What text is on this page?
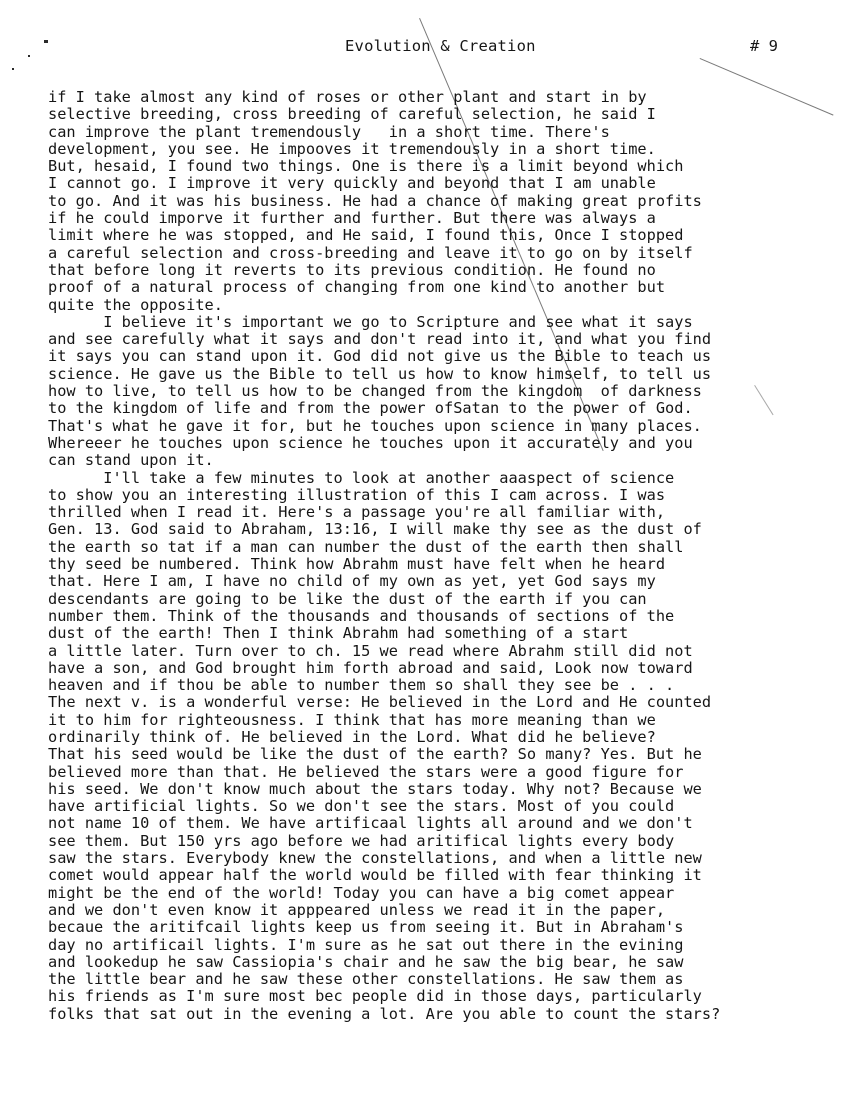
Evolution & Creation	# 9
if I take almost any kind of roses or other plant and start in by
selective breeding, cross breeding of careful selection, he said I
can improve the plant tremendously   in a short time. There's
development, you see. He impooves it tremendously in a short time.
But, hesaid, I found two things. One is there is a limit beyond which
I cannot go. I improve it very quickly and beyond that I am unable
to go. And it was his business. He had a chance of making great profits
if he could imporve it further and further. But there was always a
limit where he was stopped, and He said, I found this, Once I stopped
a careful selection and cross-breeding and leave it to go on by itself
that before long it reverts to its previous condition. He found no
proof of a natural process of changing from one kind to another but
quite the opposite.
I believe it's important we go to Scripture and see what it says
and see carefully what it says and don't read into it, and what you find
it says you can stand upon it. God did not give us the Bible to teach us
science. He gave us the Bible to tell us how to know himself, to tell us
how to live, to tell us how to be changed from the kingdom  of darkness
to the kingdom of life and from the power ofSatan to the power of God.
That's what he gave it for, but he touches upon science in many places.
Whereeer he touches upon science he touches upon it accurately and you
can stand upon it.
I'll take a few minutes to look at another aaaspect of science
to show you an interesting illustration of this I cam across. I was
thrilled when I read it. Here's a passage you're all familiar with,
Gen. 13. God said to Abraham, 13:16, I will make thy see as the dust of
the earth so tat if a man can number the dust of the earth then shall
thy seed be numbered. Think how Abrahm must have felt when he heard
that. Here I am, I have no child of my own as yet, yet God says my
descendants are going to be like the dust of the earth if you can
number them. Think of the thousands and thousands of sections of the
dust of the earth! Then I think Abrahm had something of a start
a little later. Turn over to ch. 15 we read where Abrahm still did not
have a son, and God brought him forth abroad and said, Look now toward
heaven and if thou be able to number them so shall they see be . . .
The next v. is a wonderful verse: He believed in the Lord and He counted
it to him for righteousness. I think that has more meaning than we
ordinarily think of. He believed in the Lord. What did he believe?
That his seed would be like the dust of the earth? So many? Yes. But he
believed more than that. He believed the stars were a good figure for
his seed. We don't know much about the stars today. Why not? Because we
have artificial lights. So we don't see the stars. Most of you could
not name 10 of them. We have artificaal lights all around and we don't
see them. But 150 yrs ago before we had aritifical lights every body
saw the stars. Everybody knew the constellations, and when a little new
comet would appear half the world would be filled with fear thinking it
might be the end of the world! Today you can have a big comet appear
and we don't even know it apppeared unless we read it in the paper,
becaue the aritifcail lights keep us from seeing it. But in Abraham's
day no artificail lights. I'm sure as he sat out there in the evining
and lookedup he saw Cassiopia's chair and he saw the big bear, he saw
the little bear and he saw these other constellations. He saw them as
his friends as I'm sure most bec people did in those days, particularly
folks that sat out in the evening a lot. Are you able to count the stars?
